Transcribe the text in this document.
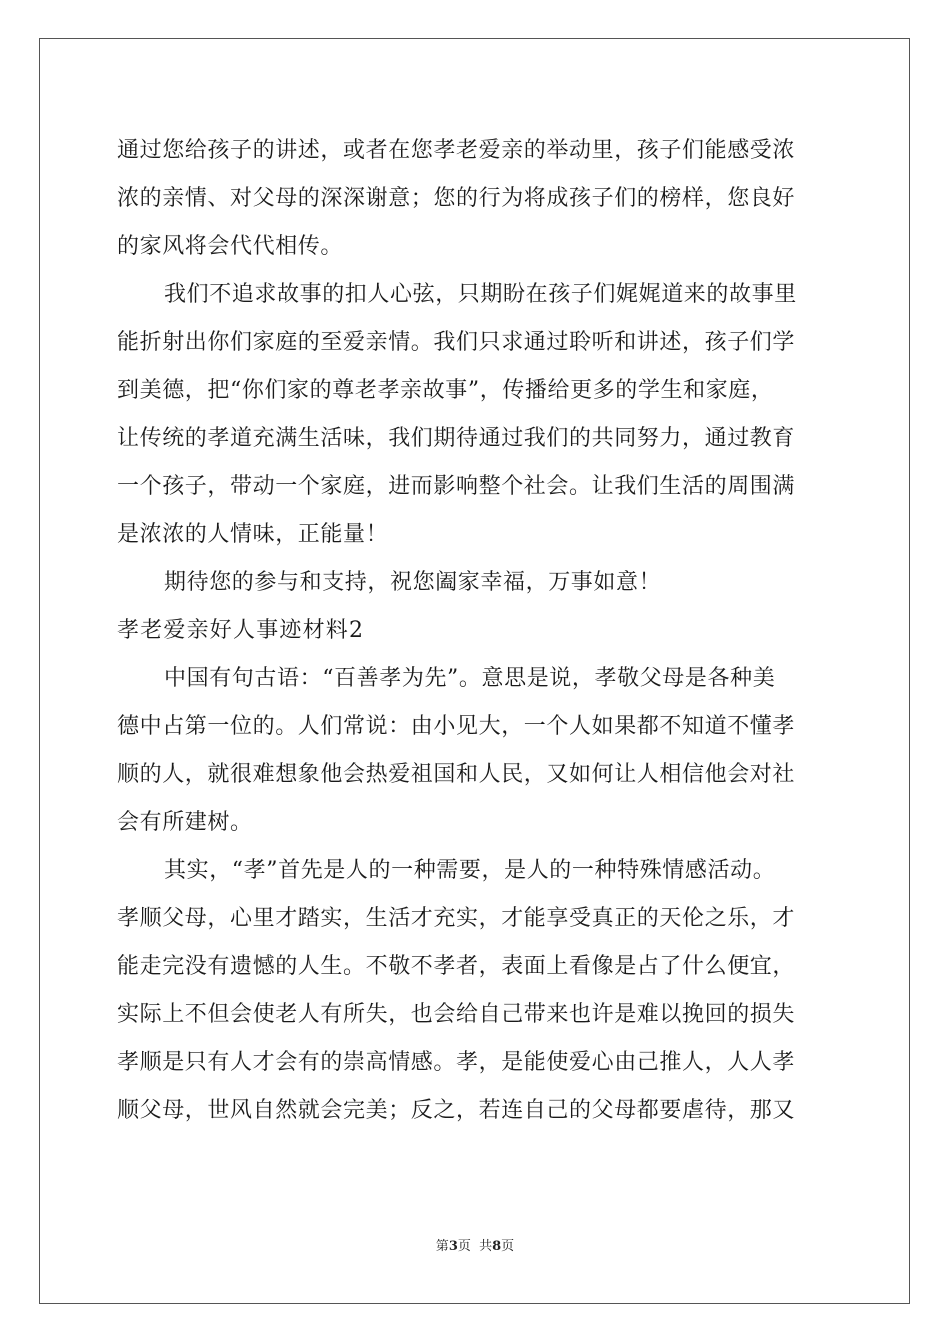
通过您给孩子的讲述，或者在您孝老爱亲的举动里，孩子们能感受浓
浓的亲情、对父母的深深谢意；您的行为将成孩子们的榜样，您良好
的家风将会代代相传。
我们不追求故事的扣人心弦，只期盼在孩子们娓娓道来的故事里
能折射出你们家庭的至爱亲情。我们只求通过聆听和讲述，孩子们学
到美德，把“你们家的尊老孝亲故事”，传播给更多的学生和家庭，
让传统的孝道充满生活味，我们期待通过我们的共同努力，通过教育
一个孩子，带动一个家庭，进而影响整个社会。让我们生活的周围满
是浓浓的人情味，正能量！
期待您的参与和支持，祝您阖家幸福，万事如意！
孝老爱亲好人事迹材料2
中国有句古语：“百善孝为先”。意思是说，孝敬父母是各种美
德中占第一位的。人们常说：由小见大，一个人如果都不知道不懂孝
顺的人，就很难想象他会热爱祖国和人民，又如何让人相信他会对社
会有所建树。
其实，“孝”首先是人的一种需要，是人的一种特殊情感活动。
孝顺父母，心里才踏实，生活才充实，才能享受真正的天伦之乐，才
能走完没有遗憾的人生。不敬不孝者，表面上看像是占了什么便宜，
实际上不但会使老人有所失，也会给自己带来也许是难以挽回的损失
孝顺是只有人才会有的崇高情感。孝，是能使爱心由己推人，人人孝
顺父母，世风自然就会完美；反之，若连自己的父母都要虐待，那又
第3页  共8页
